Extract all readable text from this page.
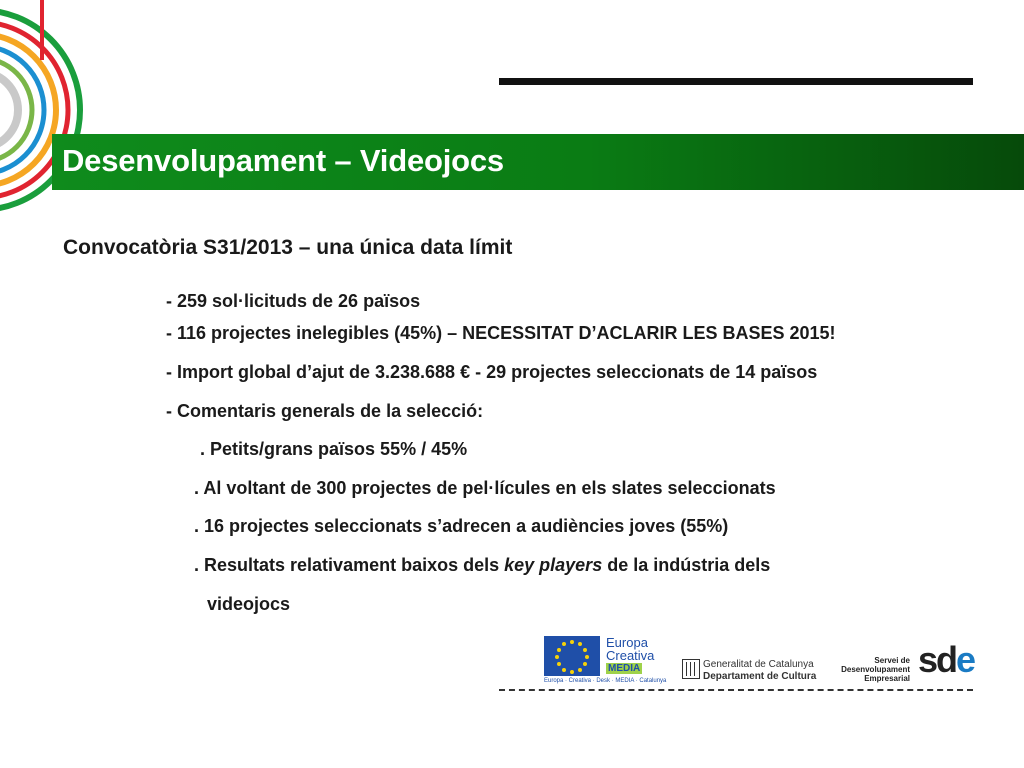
Desenvolupament – Videojocs
Convocatòria S31/2013 – una única data límit

- 259 sol·licituds de 26 països

- 116 projectes inelegibles (45%) – NECESSITAT D’ACLARIR LES BASES 2015!

- Import global d’ajut de 3.238.688 € - 29 projectes seleccionats de 14 països

- Comentaris generals de la selecció:

. Petits/grans països 55% / 45%

. Al voltant de 300 projectes de pel·lícules en els slates seleccionats

. 16 projectes seleccionats s’adrecen a audiències joves (55%)

. Resultats relativament baixos dels key players de la indústria dels

videojocs

Europa
Creativa
MEDIA
Europa · Creativa · Desk · MEDIA · Catalunya
Generalitat de Catalunya
Departament de Cultura
Servei de
Desenvolupament
Empresarial sde
